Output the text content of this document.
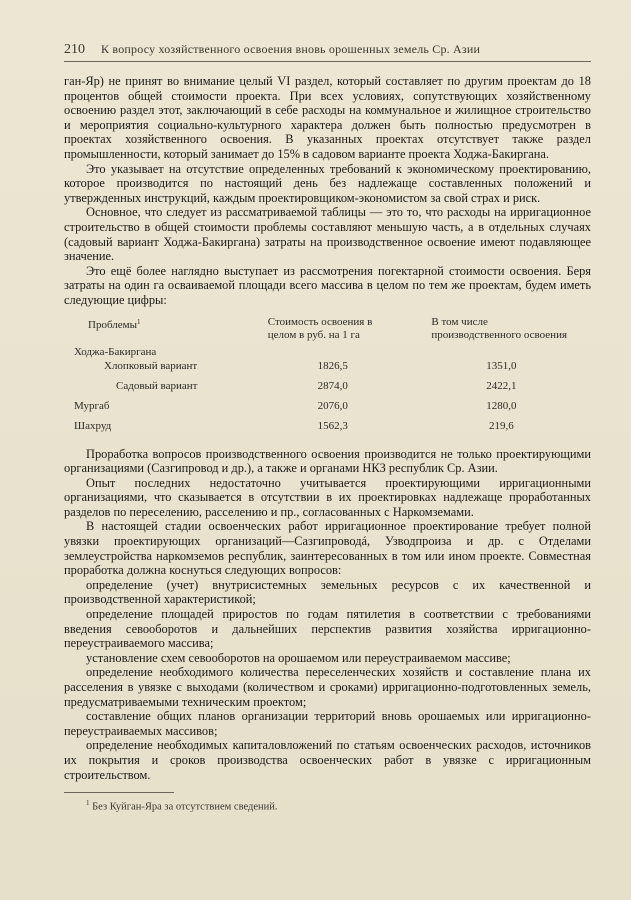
210 К вопросу хозяйственного освоения вновь орошенных земель Ср. Азии

ган-Яр) не принят во внимание целый VI раздел, который составляет по другим проектам до 18 процентов общей стоимости проекта. При всех условиях, сопутствующих хозяйственному освоению раздел этот, заключающий в себе расходы на коммунальное и жилищное строительство и мероприятия социально-культурного характера должен быть полностью предусмотрен в проектах хозяйственного освоения. В указанных проектах отсутствует также раздел промышленности, который занимает до 15% в садовом варианте проекта Ходжа-Бакиргана.

Это указывает на отсутствие определенных требований к экономическому проектированию, которое производится по настоящий день без надлежаще составленных положений и утвержденных инструкций, каждым проектировщиком-экономистом за свой страх и риск.

Основное, что следует из рассматриваемой таблицы — это то, что расходы на ирригационное строительство в общей стоимости проблемы составляют меньшую часть, а в отдельных случаях (садовый вариант Ходжа-Бакиргана) затраты на производственное освоение имеют подавляющее значение.

Это ещё более наглядно выступает из рассмотрения погектарной стоимости освоения. Беря затраты на один га осваиваемой площади всего массива в целом по тем же проектам, будем иметь следующие цифры:

Проблемы$^1$	Стоимость освоения в целом в руб. на 1 га	В том числе производственного освоения
Ходжа-Бакиргана		
Хлопковый вариант	1826,5	1351,0
Садовый вариант	2874,0	2422,1
Мургаб	2076,0	1280,0
Шахруд	1562,3	219,6

Проработка вопросов производственного освоения производится не только проектирующими организациями (Сазгипровод и др.), а также и органами НКЗ республик Ср. Азии.

Опыт последних недостаточно учитывается проектирующими ирригационными организациями, что сказывается в отсутствии в их проектировках надлежаще проработанных разделов по переселению, расселению и пр., согласованных с Наркомземами.

В настоящей стадии освоенческих работ ирригационное проектирование требует полной увязки проектирующих организаций—Сазгипроводá, Узводпроиза и др. с Отделами землеустройства наркомземов республик, заинтересованных в том или ином проекте. Совместная проработка должна коснуться следующих вопросов:

определение (учет) внутрисистемных земельных ресурсов с их качественной и производственной характеристикой;

определение площадей приростов по годам пятилетия в соответствии с требованиями введения севооборотов и дальнейших перспектив развития хозяйства ирригационно-переустраиваемого массива;

установление схем севооборотов на орошаемом или переустраиваемом массиве;

определение необходимого количества переселенческих хозяйств и составление плана их расселения в увязке с выходами (количеством и сроками) ирригационно-подготовленных земель, предусматриваемыми техническим проектом;

составление общих планов организации территорий вновь орошаемых или ирригационно-переустраиваемых массивов;

определение необходимых капиталовложений по статьям освоенческих расходов, источников их покрытия и сроков производства освоенческих работ в увязке с ирригационным строительством.

$^1$ Без Куйган-Яра за отсутствием сведений.
